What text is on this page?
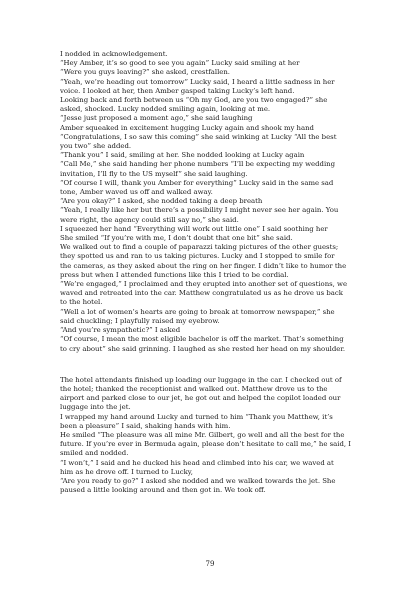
I nodded in acknowledgement.
“Hey Amber, it’s so good to see you again” Lucky said smiling at her
“Were you guys leaving?” she asked, crestfallen.
“Yeah, we’re heading out tomorrow” Lucky said, I heard a little sadness in her
voice. I looked at her, then Amber gasped taking Lucky’s left hand.
Looking back and forth between us “Oh my God, are you two engaged?” she
asked, shocked. Lucky nodded smiling again, looking at me.
“Jesse just proposed a moment ago,” she said laughing
Amber squeaked in excitement hugging Lucky again and shook my hand
“Congratulations, I so saw this coming” she said winking at Lucky “All the best
you two” she added.
“Thank you” I said, smiling at her. She nodded looking at Lucky again
“Call Me,” she said handing her phone numbers “I’ll be expecting my wedding
invitation, I’ll fly to the US myself” she said laughing.
“Of course I will, thank you Amber for everything” Lucky said in the same sad
tone, Amber waved us off and walked away.
“Are you okay?” I asked, she nodded taking a deep breath
“Yeah, I really like her but there’s a possibility I might never see her again. You
were right, the agency could still say no,” she said.
I squeezed her hand “Everything will work out little one” I said soothing her
She smiled “If you’re with me, I don’t doubt that one bit” she said.
We walked out to find a couple of paparazzi taking pictures of the other guests;
they spotted us and ran to us taking pictures. Lucky and I stopped to smile for
the cameras, as they asked about the ring on her finger. I didn’t like to humor the
press but when I attended functions like this I tried to be cordial.
“We’re engaged,” I proclaimed and they erupted into another set of questions, we
waved and retreated into the car. Matthew congratulated us as he drove us back
to the hotel.
“Well a lot of women’s hearts are going to break at tomorrow newspaper,” she
said chuckling; I playfully raised my eyebrow.
“And you’re sympathetic?” I asked
“Of course, I mean the most eligible bachelor is off the market. That’s something
to cry about” she said grinning. I laughed as she rested her head on my shoulder.
The hotel attendants finished up loading our luggage in the car. I checked out of
the hotel; thanked the receptionist and walked out. Matthew drove us to the
airport and parked close to our jet, he got out and helped the copilot loaded our
luggage into the jet.
I wrapped my hand around Lucky and turned to him “Thank you Matthew, it’s
been a pleasure” I said, shaking hands with him.
He smiled “The pleasure was all mine Mr. Gilbert, go well and all the best for the
future. If you’re ever in Bermuda again, please don’t hesitate to call me,” he said, I
smiled and nodded.
“I won’t,” I said and he ducked his head and climbed into his car, we waved at
him as he drove off. I turned to Lucky,
“Are you ready to go?” I asked she nodded and we walked towards the jet. She
paused a little looking around and then got in. We took off.
79
